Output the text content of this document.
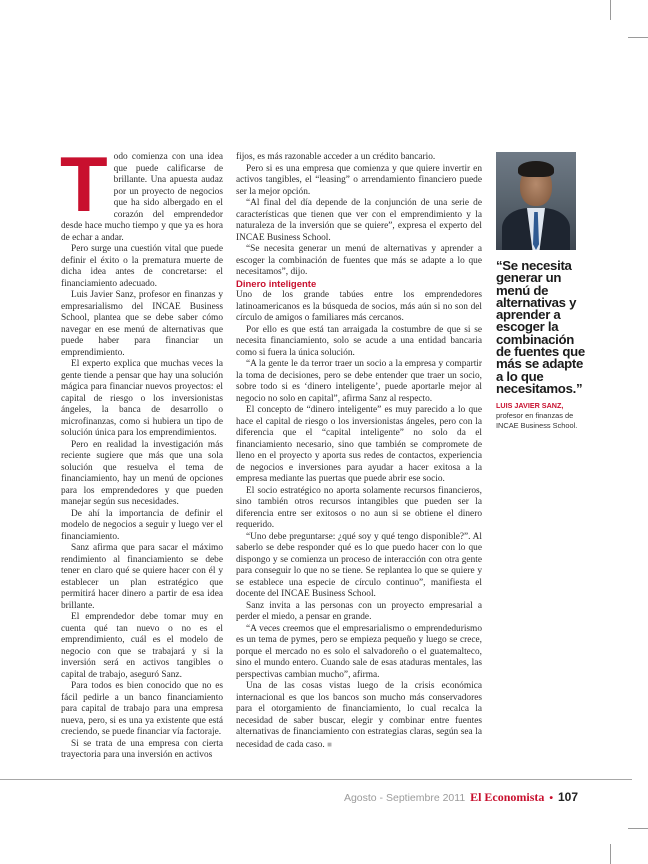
T odo comienza con una idea que puede calificarse de brillante. Una apuesta audaz por un proyecto de negocios que ha sido albergado en el corazón del emprendedor desde hace mucho tiempo y que ya es hora de echar a andar.

Pero surge una cuestión vital que puede definir el éxito o la prematura muerte de dicha idea antes de concretarse: el financiamiento adecuado.

Luis Javier Sanz, profesor en finanzas y empresarialismo del INCAE Business School, plantea que se debe saber cómo navegar en ese menú de alternativas que puede haber para financiar un emprendimiento.

El experto explica que muchas veces la gente tiende a pensar que hay una solución mágica para financiar nuevos proyectos: el capital de riesgo o los inversionistas ángeles, la banca de desarrollo o microfinanzas, como si hubiera un tipo de solución única para los emprendimientos.

Pero en realidad la investigación más reciente sugiere que más que una sola solución que resuelva el tema de financiamiento, hay un menú de opciones para los emprendedores y que pueden manejar según sus necesidades.

De ahí la importancia de definir el modelo de negocios a seguir y luego ver el financiamiento.

Sanz afirma que para sacar el máximo rendimiento al financiamiento se debe tener en claro qué se quiere hacer con él y establecer un plan estratégico que permitirá hacer dinero a partir de esa idea brillante.

El emprendedor debe tomar muy en cuenta qué tan nuevo o no es el emprendimiento, cuál es el modelo de negocio con que se trabajará y si la inversión será en activos tangibles o capital de trabajo, aseguró Sanz.

Para todos es bien conocido que no es fácil pedirle a un banco financiamiento para capital de trabajo para una empresa nueva, pero, si es una ya existente que está creciendo, se puede financiar vía factoraje.

Si se trata de una empresa con cierta trayectoria para una inversión en activos

fijos, es más razonable acceder a un crédito bancario.

Pero si es una empresa que comienza y que quiere invertir en activos tangibles, el “leasing” o arrendamiento financiero puede ser la mejor opción.

“Al final del día depende de la conjunción de una serie de características que tienen que ver con el emprendimiento y la naturaleza de la inversión que se quiere”, expresa el experto del INCAE Business School.

“Se necesita generar un menú de alternativas y aprender a escoger la combinación de fuentes que más se adapte a lo que necesitamos”, dijo.

Dinero inteligente

Uno de los grande tabúes entre los emprendedores latinoamericanos es la búsqueda de socios, más aún si no son del círculo de amigos o familiares más cercanos.

Por ello es que está tan arraigada la costumbre de que si se necesita financiamiento, solo se acude a una entidad bancaria como si fuera la única solución.

“A la gente le da terror traer un socio a la empresa y compartir la toma de decisiones, pero se debe entender que traer un socio, sobre todo si es ‘dinero inteligente’, puede aportarle mejor al negocio no solo en capital”, afirma Sanz al respecto.

El concepto de “dinero inteligente” es muy parecido a lo que hace el capital de riesgo o los inversionistas ángeles, pero con la diferencia que el “capital inteligente” no solo da el financiamiento necesario, sino que también se compromete de lleno en el proyecto y aporta sus redes de contactos, experiencia de negocios e inversiones para ayudar a hacer exitosa a la empresa mediante las puertas que puede abrir ese socio.

El socio estratégico no aporta solamente recursos financieros, sino también otros recursos intangibles que pueden ser la diferencia entre ser exitosos o no aun si se obtiene el dinero requerido.

“Uno debe preguntarse: ¿qué soy y qué tengo disponible?”. Al saberlo se debe responder qué es lo que puedo hacer con lo que dispongo y se comienza un proceso de interacción con otra gente para conseguir lo que no se tiene. Se replantea lo que se quiere y se establece una especie de círculo continuo”, manifiesta el docente del INCAE Business School.

Sanz invita a las personas con un proyecto empresarial a perder el miedo, a pensar en grande.

“A veces creemos que el empresarialismo o emprendedurismo es un tema de pymes, pero se empieza pequeño y luego se crece, porque el mercado no es solo el salvadoreño o el guatemalteco, sino el mundo entero. Cuando sale de esas ataduras mentales, las perspectivas cambian mucho”, afirma.

Una de las cosas vistas luego de la crisis económica internacional es que los bancos son mucho más conservadores para el otorgamiento de financiamiento, lo cual recalca la necesidad de saber buscar, elegir y combinar entre fuentes alternativas de financiamiento con estrategias claras, según sea la necesidad de cada caso. ■

“Se necesita generar un menú de alternativas y aprender a escoger la combinación de fuentes que más se adapte a lo que necesitamos.”
LUIS JAVIER SANZ,
profesor en finanzas de INCAE Business School.
Agosto - Septiembre 2011 El Economista • 107
